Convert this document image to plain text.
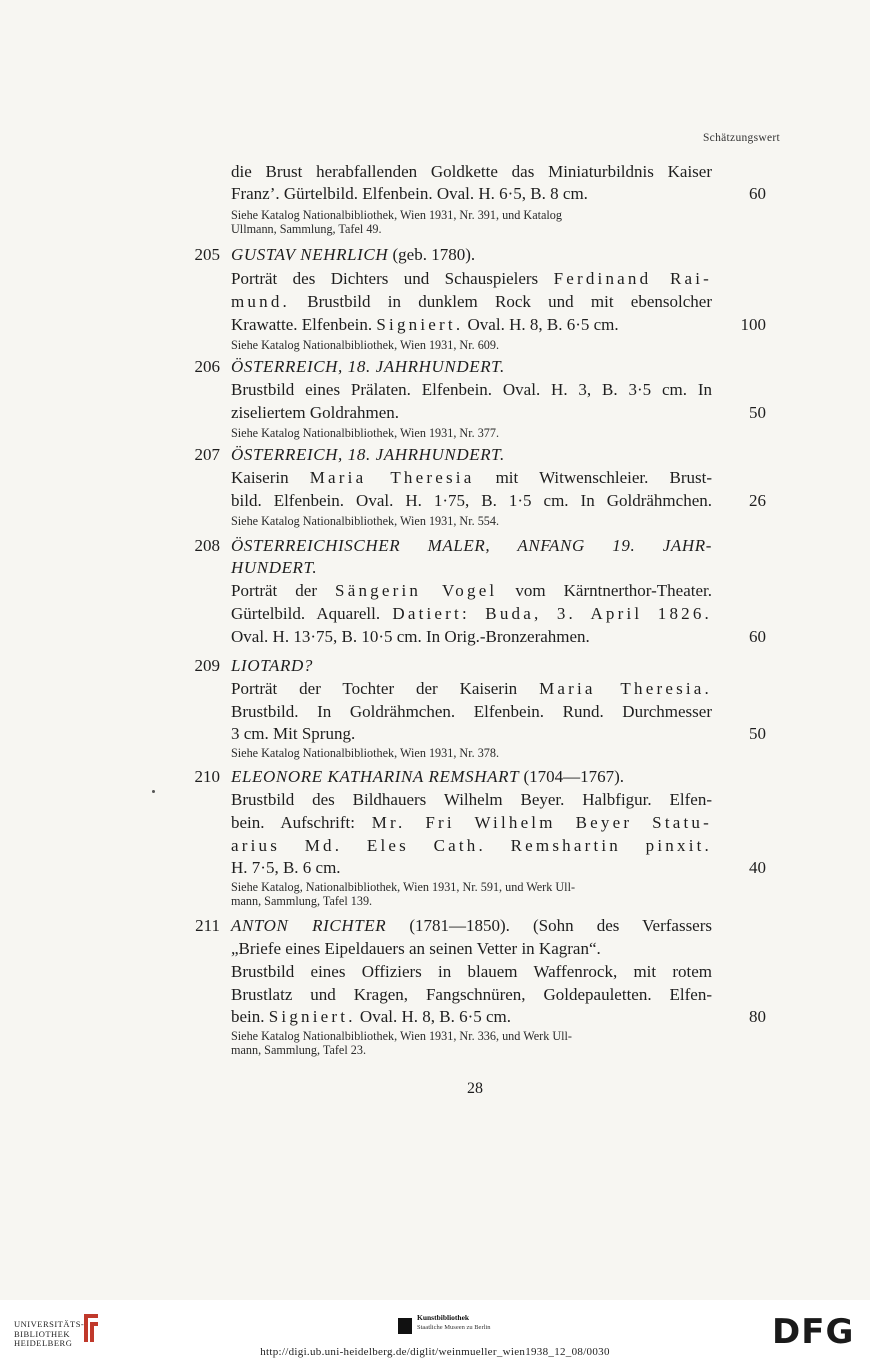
Schätzungswert
die Brust herabfallenden Goldkette das Miniaturbildnis Kaiser
Franz’. Gürtelbild. Elfenbein. Oval. H. 6·5, B. 8 cm.	60
Siehe Katalog Nationalbibliothek, Wien 1931, Nr. 391, und Katalog
Ullmann, Sammlung, Tafel 49.
205 GUSTAV NEHRLICH (geb. 1780).
Porträt des Dichters und Schauspielers Ferdinand Rai-
mund. Brustbild in dunklem Rock und mit ebensolcher
Krawatte. Elfenbein. Signiert. Oval. H. 8, B. 6·5 cm.	100
Siehe Katalog Nationalbibliothek, Wien 1931, Nr. 609.
206 ÖSTERREICH, 18. JAHRHUNDERT.
Brustbild eines Prälaten. Elfenbein. Oval. H. 3, B. 3·5 cm. In
ziseliertem Goldrahmen.	50
Siehe Katalog Nationalbibliothek, Wien 1931, Nr. 377.
207 ÖSTERREICH, 18. JAHRHUNDERT.
Kaiserin Maria Theresia mit Witwenschleier. Brust-
bild. Elfenbein. Oval. H. 1·75, B. 1·5 cm. In Goldrähmchen. 26
Siehe Katalog Nationalbibliothek, Wien 1931, Nr. 554.
208 ÖSTERREICHISCHER MALER, ANFANG 19. JAHR-
HUNDERT.
Porträt der Sängerin Vogel vom Kärntnerthor-Theater.
Gürtelbild. Aquarell. Datiert: Buda, 3. April 1826.
Oval. H. 13·75, B. 10·5 cm. In Orig.-Bronzerahmen.	60
209 LIOTARD?
Porträt der Tochter der Kaiserin Maria Theresia.
Brustbild. In Goldrähmchen. Elfenbein. Rund. Durchmesser
3 cm. Mit Sprung.	50
Siehe Katalog Nationalbibliothek, Wien 1931, Nr. 378.
210 ELEONORE KATHARINA REMSHART (1704—1767).
Brustbild des Bildhauers Wilhelm Beyer. Halbfigur. Elfen-
bein. Aufschrift: Mr. Fri Wilhelm Beyer Statu-
arius Md. Eles Cath. Remshartin pinxit.
H. 7·5, B. 6 cm.	40
Siehe Katalog, Nationalbibliothek, Wien 1931, Nr. 591, und Werk Ull-
mann, Sammlung, Tafel 139.
211 ANTON RICHTER (1781—1850). (Sohn des Verfassers
„Briefe eines Eipeldauers an seinen Vetter in Kagran“.
Brustbild eines Offiziers in blauem Waffenrock, mit rotem
Brustlatz und Kragen, Fangschnüren, Goldepauletten. Elfen-
bein. Signiert. Oval. H. 8, B. 6·5 cm.	80
Siehe Katalog Nationalbibliothek, Wien 1931, Nr. 336, und Werk Ull-
mann, Sammlung, Tafel 23.
28
UNIVERSITÄTS-
BIBLIOTHEK
HEIDELBERG
Kunstbibliothek
Staatliche Museen zu Berlin	DFG
http://digi.ub.uni-heidelberg.de/diglit/weinmueller_wien1938_12_08/0030
